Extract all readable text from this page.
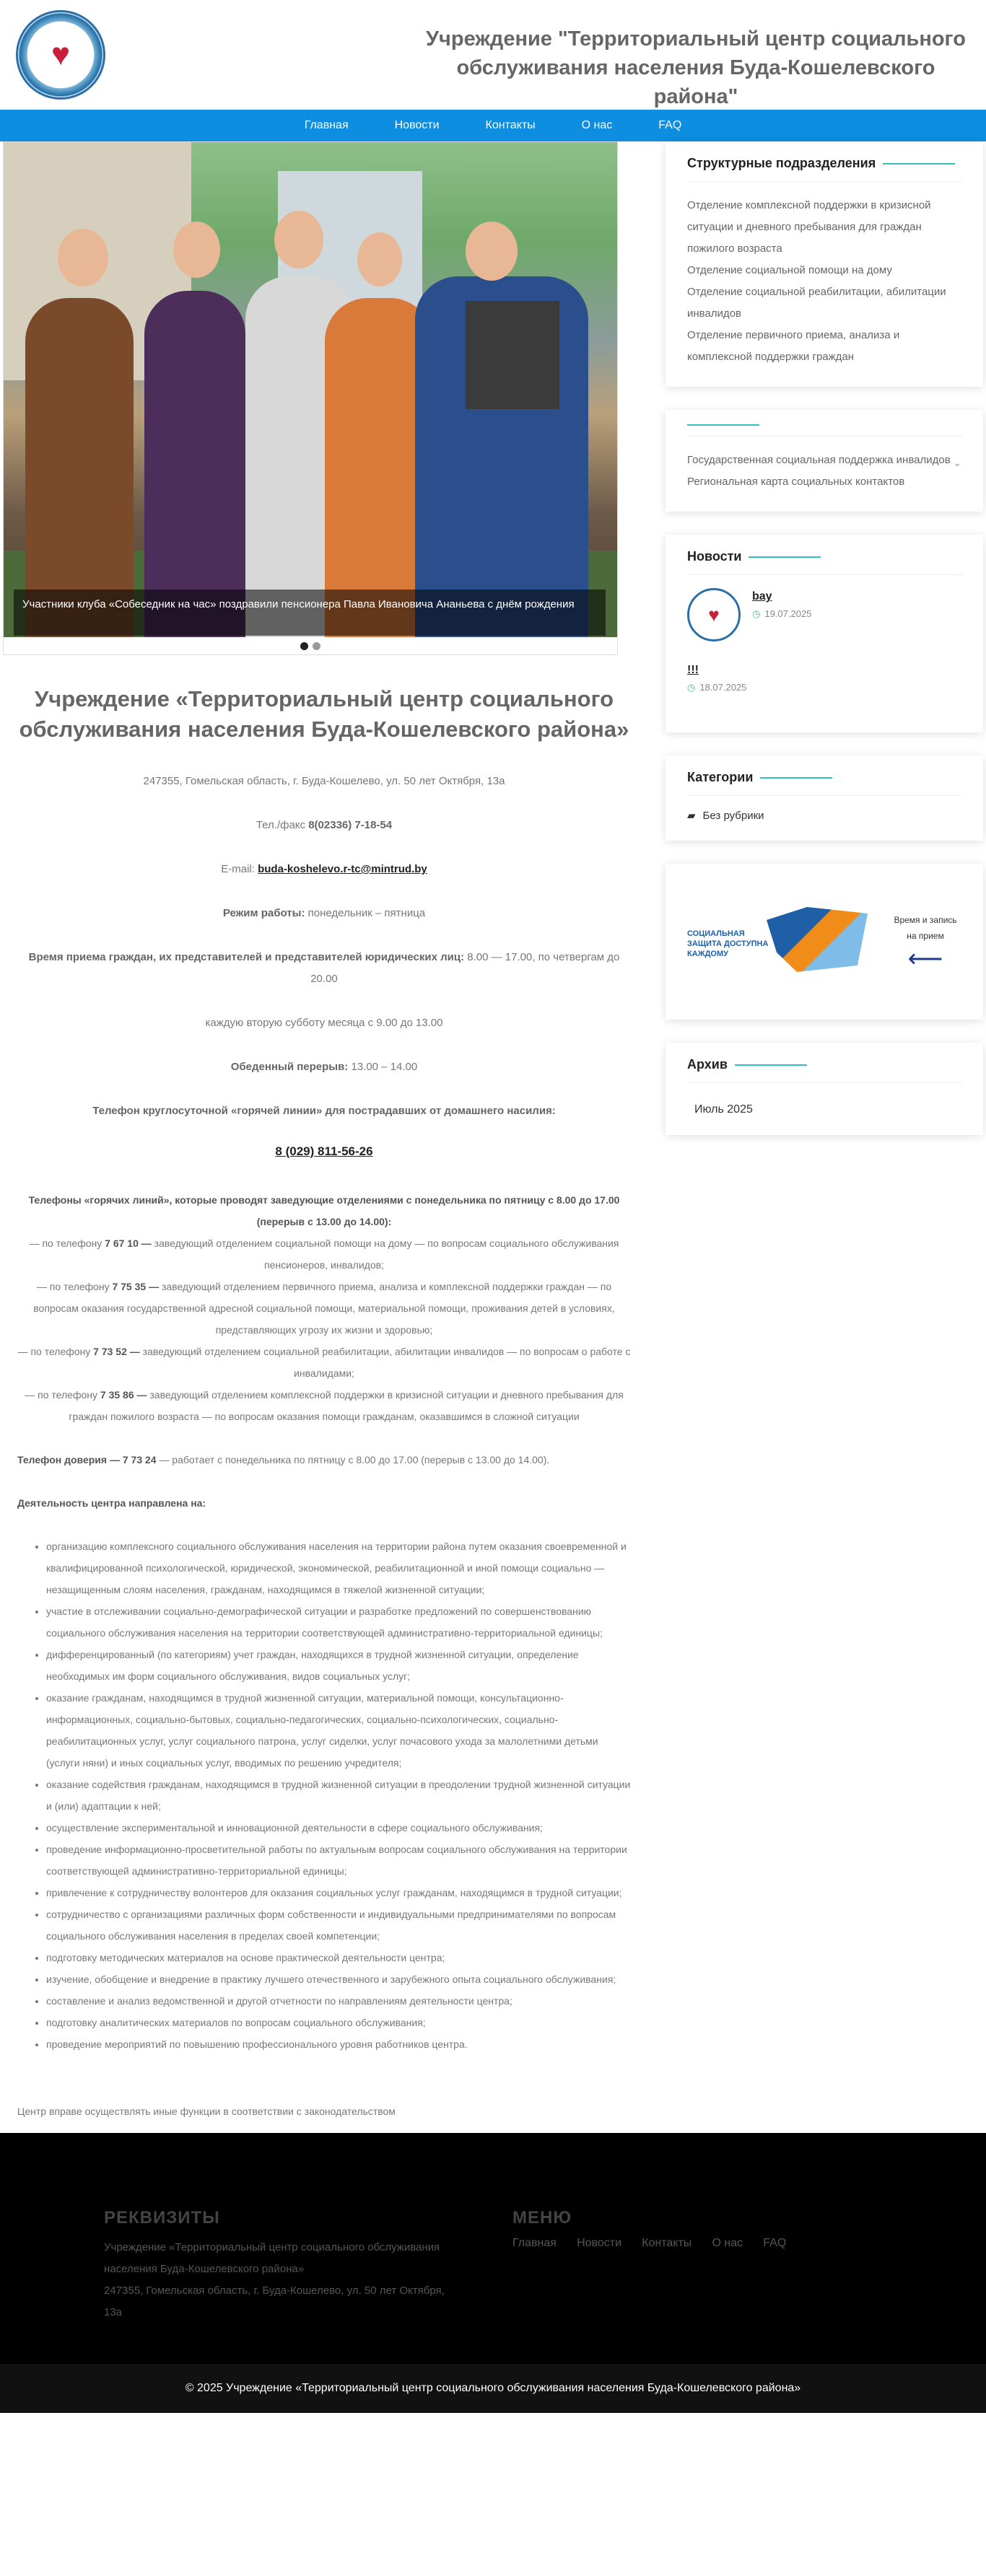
♥	Учреждение "Территориальный центр социального обслуживания населения Буда-Кошелевского района"
Главная	Новости	Контакты	О нас	FAQ
Участники клуба «Собеседник на час» поздравили пенсионера Павла Ивановича Ананьева с днём рождения
Учреждение «Территориальный центр социального обслуживания населения Буда-Кошелевского района»

247355, Гомельская область, г. Буда-Кошелево, ул. 50 лет Октября, 13а

Тел./факс 8(02336) 7-18-54

E-mail: buda-koshelevo.r-tc@mintrud.by

Режим работы: понедельник – пятница

Время приема граждан, их представителей и представителей юридических лиц: 8.00 — 17.00, по четвергам до 20.00

каждую вторую субботу месяца с 9.00 до 13.00

Обеденный перерыв: 13.00 – 14.00

Телефон круглосуточной «горячей линии» для пострадавших от домашнего насилия:

8 (029) 811-56-26

Телефоны «горячих линий», которые проводят заведующие отделениями с понедельника по пятницу с 8.00 до 17.00 (перерыв с 13.00 до 14.00):
— по телефону 7 67 10 — заведующий отделением социальной помощи на дому — по вопросам социального обслуживания пенсионеров, инвалидов;
— по телефону 7 75 35 — заведующий отделением первичного приема, анализа и комплексной поддержки граждан — по вопросам оказания государственной адресной социальной помощи, материальной помощи, проживания детей в условиях, представляющих угрозу их жизни и здоровью;
— по телефону 7 73 52 — заведующий отделением социальной реабилитации, абилитации инвалидов — по вопросам о работе с инвалидами;
— по телефону 7 35 86 — заведующий отделением комплексной поддержки в кризисной ситуации и дневного пребывания для граждан пожилого возраста — по вопросам оказания помощи гражданам, оказавшимся в сложной ситуации

Телефон доверия — 7 73 24 — работает с понедельника по пятницу с 8.00 до 17.00 (перерыв с 13.00 до 14.00).

Деятельность центра направлена на:

• организацию комплексного социального обслуживания населения на территории района путем оказания своевременной и квалифицированной психологической, юридической, экономической, реабилитационной и иной помощи социально — незащищенным слоям населения, гражданам, находящимся в тяжелой жизненной ситуации;
• участие в отслеживании социально-демографической ситуации и разработке предложений по совершенствованию социального обслуживания населения на территории соответствующей административно-территориальной единицы;
• дифференцированный (по категориям) учет граждан, находящихся в трудной жизненной ситуации, определение необходимых им форм социального обслуживания, видов социальных услуг;
• оказание гражданам, находящимся в трудной жизненной ситуации, материальной помощи, консультационно-информационных, социально-бытовых, социально-педагогических, социально-психологических, социально-реабилитационных услуг, услуг социального патрона, услуг сиделки, услуг почасового ухода за малолетними детьми (услуги няни) и иных социальных услуг, вводимых по решению учредителя;
• оказание содействия гражданам, находящимся в трудной жизненной ситуации в преодолении трудной жизненной ситуации и (или) адаптации к ней;
• осуществление экспериментальной и инновационной деятельности в сфере социального обслуживания;
• проведение информационно-просветительной работы по актуальным вопросам социального обслуживания на территории соответствующей административно-территориальной единицы;
• привлечение к сотрудничеству волонтеров для оказания социальных услуг гражданам, находящимся в трудной ситуации;
• сотрудничество с организациями различных форм собственности и индивидуальными предпринимателями по вопросам социального обслуживания населения в пределах своей компетенции;
• подготовку методических материалов на основе практической деятельности центра;
• изучение, обобщение и внедрение в практику лучшего отечественного и зарубежного опыта социального обслуживания;
• составление и анализ ведомственной и другой отчетности по направлениям деятельности центра;
• подготовку аналитических материалов по вопросам социального обслуживания;
• проведение мероприятий по повышению профессионального уровня работников центра.

Центр вправе осуществлять иные функции в соответствии с законодательством

Структурные подразделения
Отделение комплексной поддержки в кризисной ситуации и дневного пребывания для граждан пожилого возраста
Отделение социальной помощи на дому
Отделение социальной реабилитации, абилитации инвалидов
Отделение первичного приема, анализа и комплексной поддержки граждан
Государственная социальная поддержка инвалидов ⌄
Региональная карта социальных контактов
Новости
♥
bay
◷ 19.07.2025
!!!
◷ 18.07.2025
Категории
▰ Без рубрики
СОЦИАЛЬНАЯ ЗАЩИТА ДОСТУПНА КАЖДОМУ
Время и запись на прием
⟵
Архив
Июль 2025
РЕКВИЗИТЫ
Учреждение «Территориальный центр социального обслуживания населения Буда-Кошелевского района»
247355, Гомельская область, г. Буда-Кошелево, ул. 50 лет Октября, 13а
МЕНЮ
Главная Новости Контакты О нас FAQ
© 2025 Учреждение «Территориальный центр социального обслуживания населения Буда-Кошелевского района»
